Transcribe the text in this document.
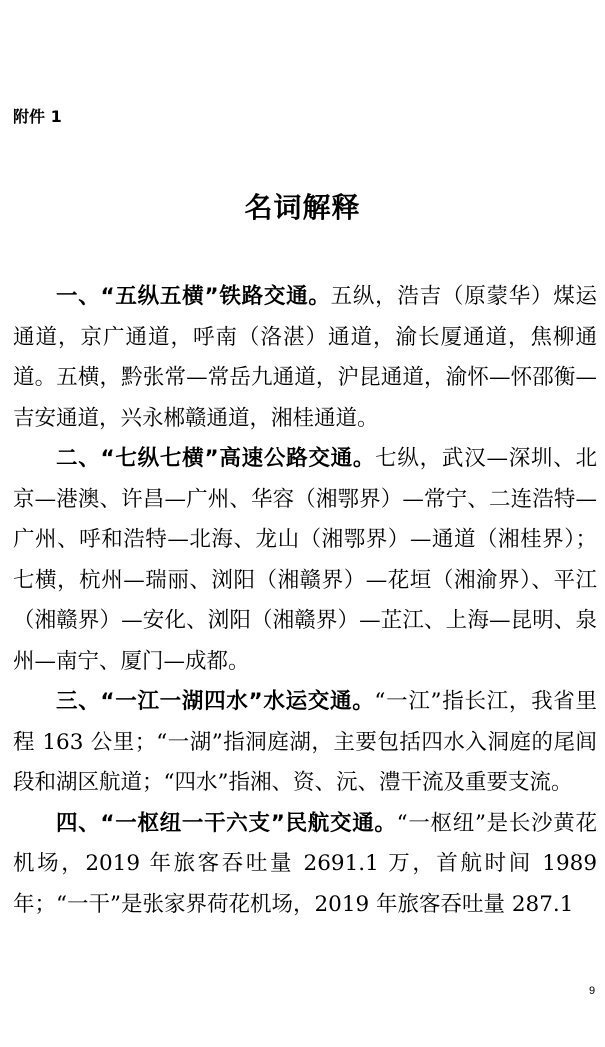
附件 1
名词解释

一、“五纵五横”铁路交通。五纵，浩吉（原蒙华）煤运通道，京广通道，呼南（洛湛）通道，渝长厦通道，焦柳通道。五横，黔张常—常岳九通道，沪昆通道，渝怀—怀邵衡—吉安通道，兴永郴赣通道，湘桂通道。

二、“七纵七横”高速公路交通。七纵，武汉—深圳、北京—港澳、许昌—广州、华容（湘鄂界）—常宁、二连浩特—广州、呼和浩特—北海、龙山（湘鄂界）—通道（湘桂界）；七横，杭州—瑞丽、浏阳（湘赣界）—花垣（湘渝界）、平江（湘赣界）—安化、浏阳（湘赣界）—芷江、上海—昆明、泉州—南宁、厦门—成都。

三、“一江一湖四水”水运交通。“一江”指长江，我省里程 163 公里；“一湖”指洞庭湖，主要包括四水入洞庭的尾闾段和湖区航道；“四水”指湘、资、沅、澧干流及重要支流。

四、“一枢纽一干六支”民航交通。“一枢纽”是长沙黄花机场，2019 年旅客吞吐量 2691.1 万，首航时间 1989 年；“一干”是张家界荷花机场，2019 年旅客吞吐量 287.1

9
